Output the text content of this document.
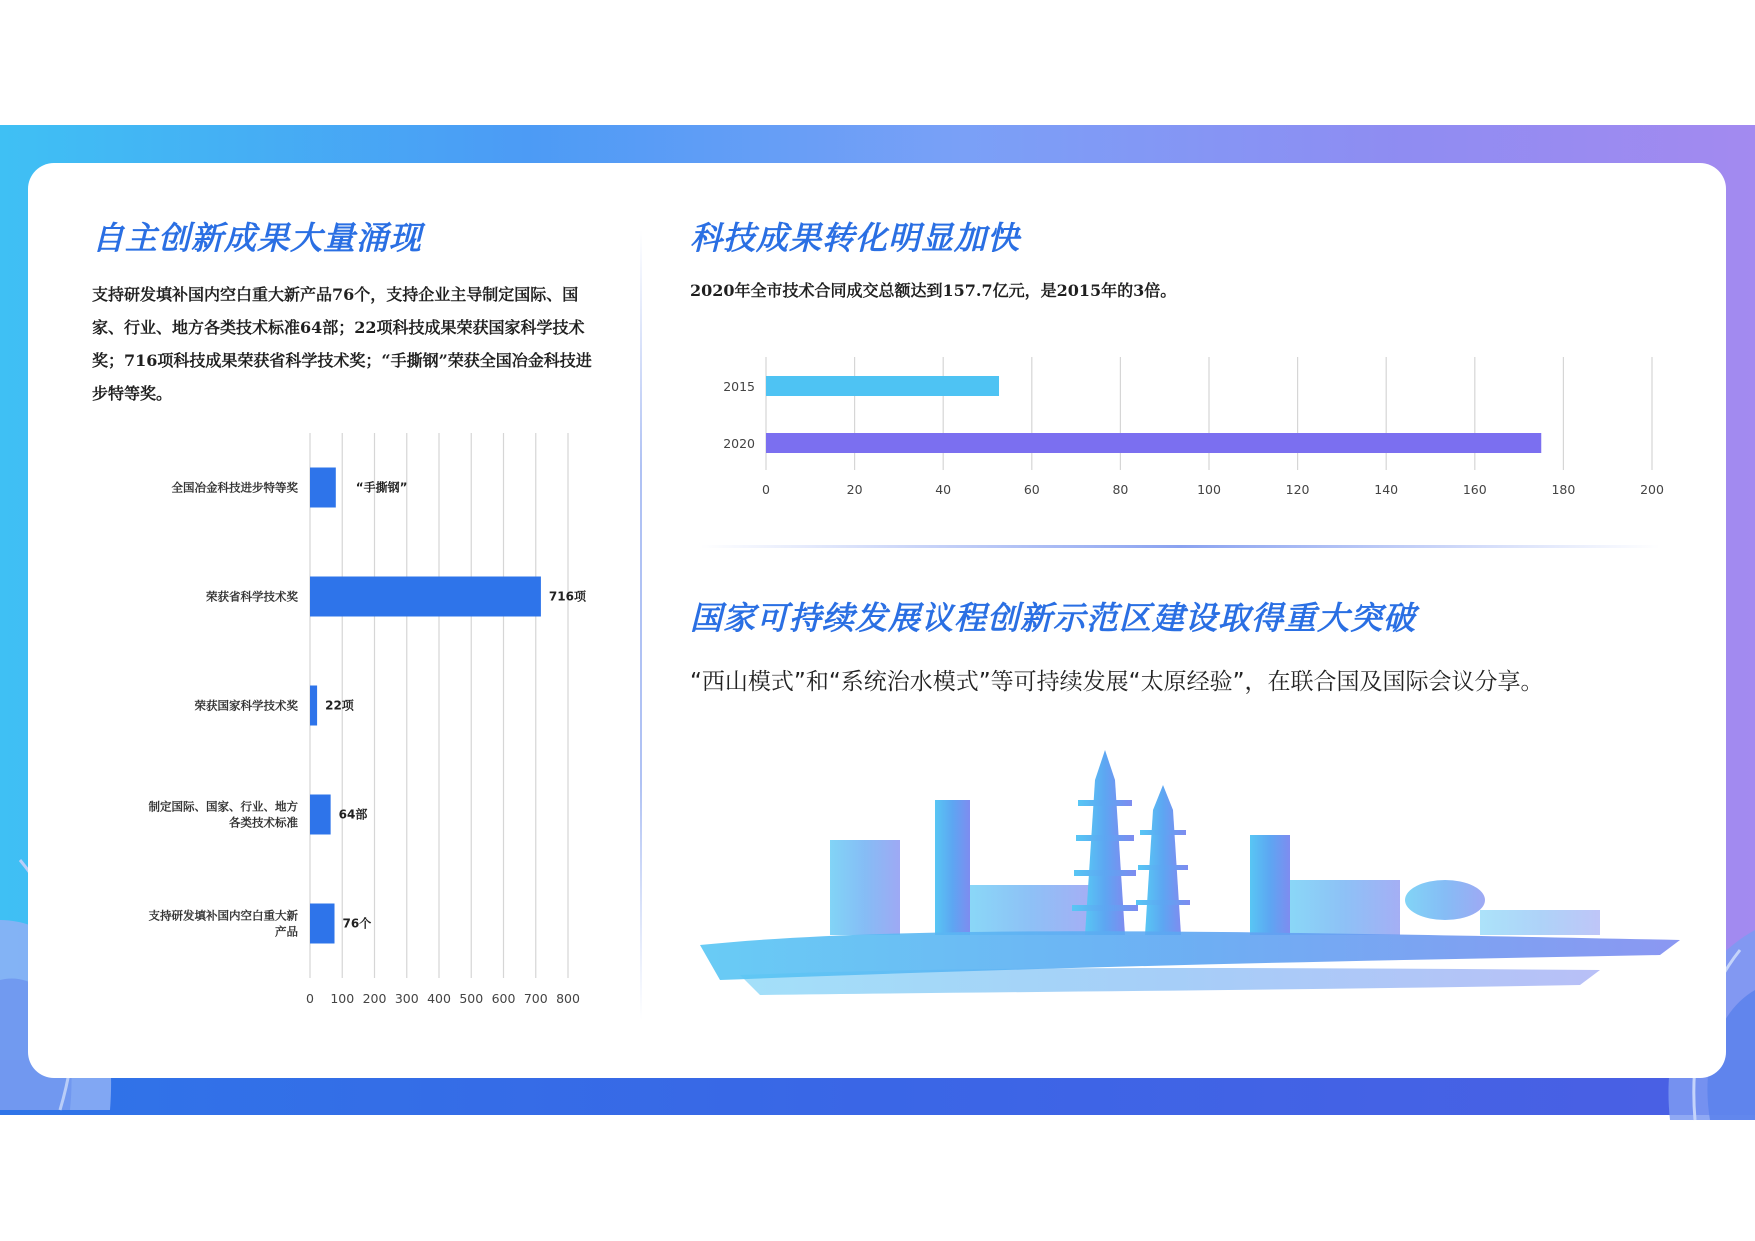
自主创新成果大量涌现
支持研发填补国内空白重大新产品76个，支持企业主导制定国际、国家、行业、地方各类技术标准64部；22项科技成果荣获国家科学技术奖；716项科技成果荣获省科学技术奖；“手撕钢”荣获全国冶金科技进步特等奖。
科技成果转化明显加快
2020年全市技术合同成交总额达到157.7亿元，是2015年的3倍。
国家可持续发展议程创新示范区建设取得重大突破
“西山模式”和“系统治水模式”等可持续发展“太原经验”，在联合国及国际会议分享。
0 100 200 300 400 500 600 700 800
全国冶金科技进步特等奖	“手撕钢”
荣获省科学技术奖	716项
荣获国家科学技术奖 22项
制定国际、国家、行业、地方各类技术标准
64部
支持研发填补国内空白重大新产品
76个
0	20	40	60	80	100	120	140	160	180	200
2015
2020
